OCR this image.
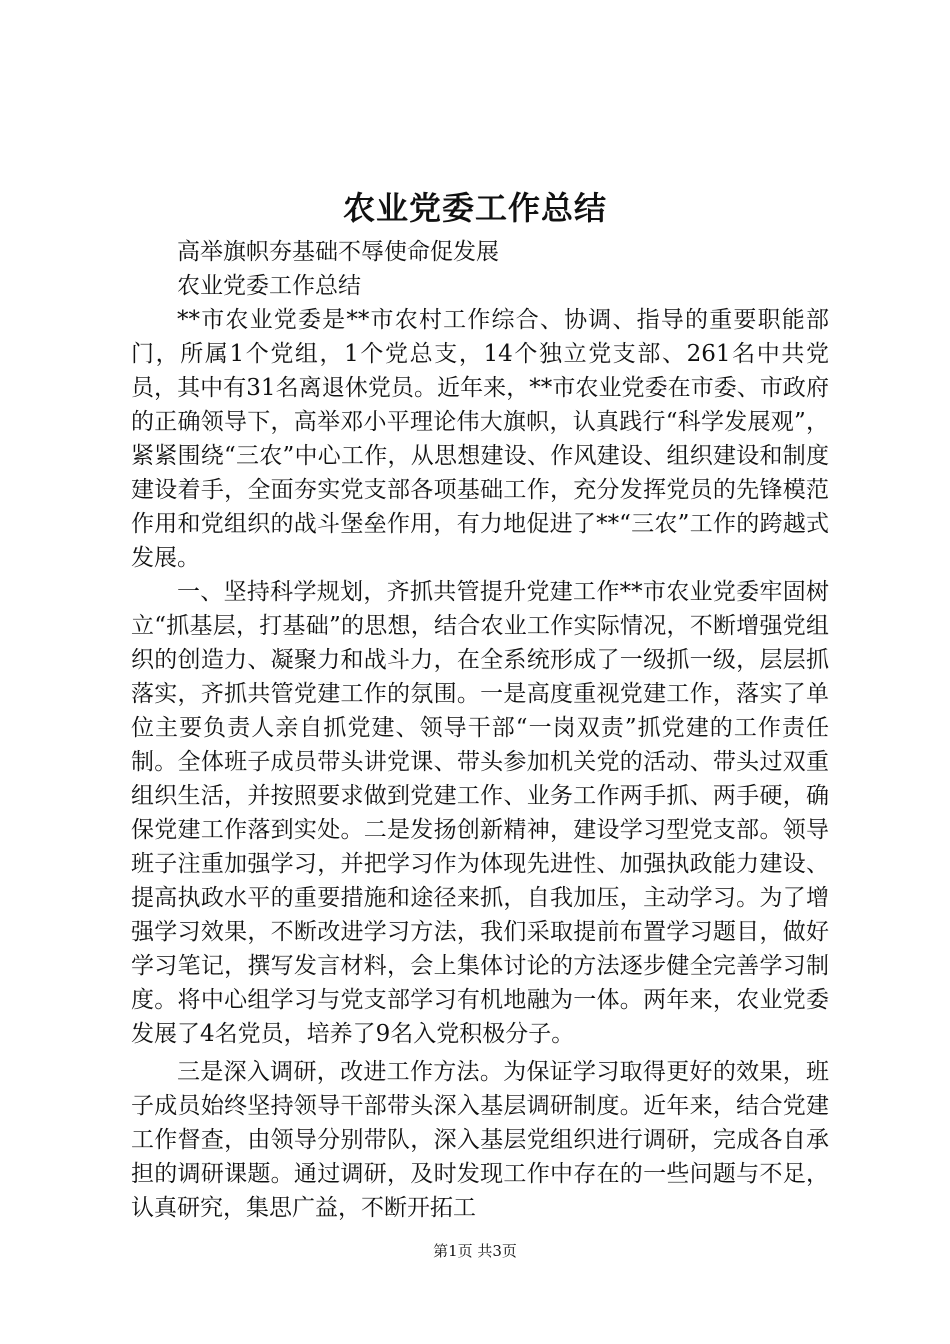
农业党委工作总结

高举旗帜夯基础不辱使命促发展

农业党委工作总结

**市农业党委是**市农村工作综合、协调、指导的重要职能部门，所属1个党组，1个党总支，14个独立党支部、261名中共党员，其中有31名离退休党员。近年来，**市农业党委在市委、市政府的正确领导下，高举邓小平理论伟大旗帜，认真践行“科学发展观”，紧紧围绕“三农”中心工作，从思想建设、作风建设、组织建设和制度建设着手，全面夯实党支部各项基础工作，充分发挥党员的先锋模范作用和党组织的战斗堡垒作用，有力地促进了**“三农”工作的跨越式发展。

一、坚持科学规划，齐抓共管提升党建工作**市农业党委牢固树立“抓基层，打基础”的思想，结合农业工作实际情况，不断增强党组织的创造力、凝聚力和战斗力，在全系统形成了一级抓一级，层层抓落实，齐抓共管党建工作的氛围。一是高度重视党建工作，落实了单位主要负责人亲自抓党建、领导干部“一岗双责”抓党建的工作责任制。全体班子成员带头讲党课、带头参加机关党的活动、带头过双重组织生活，并按照要求做到党建工作、业务工作两手抓、两手硬，确保党建工作落到实处。二是发扬创新精神，建设学习型党支部。领导班子注重加强学习，并把学习作为体现先进性、加强执政能力建设、提高执政水平的重要措施和途径来抓，自我加压，主动学习。为了增强学习效果，不断改进学习方法，我们采取提前布置学习题目，做好学习笔记，撰写发言材料，会上集体讨论的方法逐步健全完善学习制度。将中心组学习与党支部学习有机地融为一体。两年来，农业党委发展了4名党员，培养了9名入党积极分子。

三是深入调研，改进工作方法。为保证学习取得更好的效果，班子成员始终坚持领导干部带头深入基层调研制度。近年来，结合党建工作督查，由领导分别带队，深入基层党组织进行调研，完成各自承担的调研课题。通过调研，及时发现工作中存在的一些问题与不足，认真研究，集思广益，不断开拓工

第1页 共3页
